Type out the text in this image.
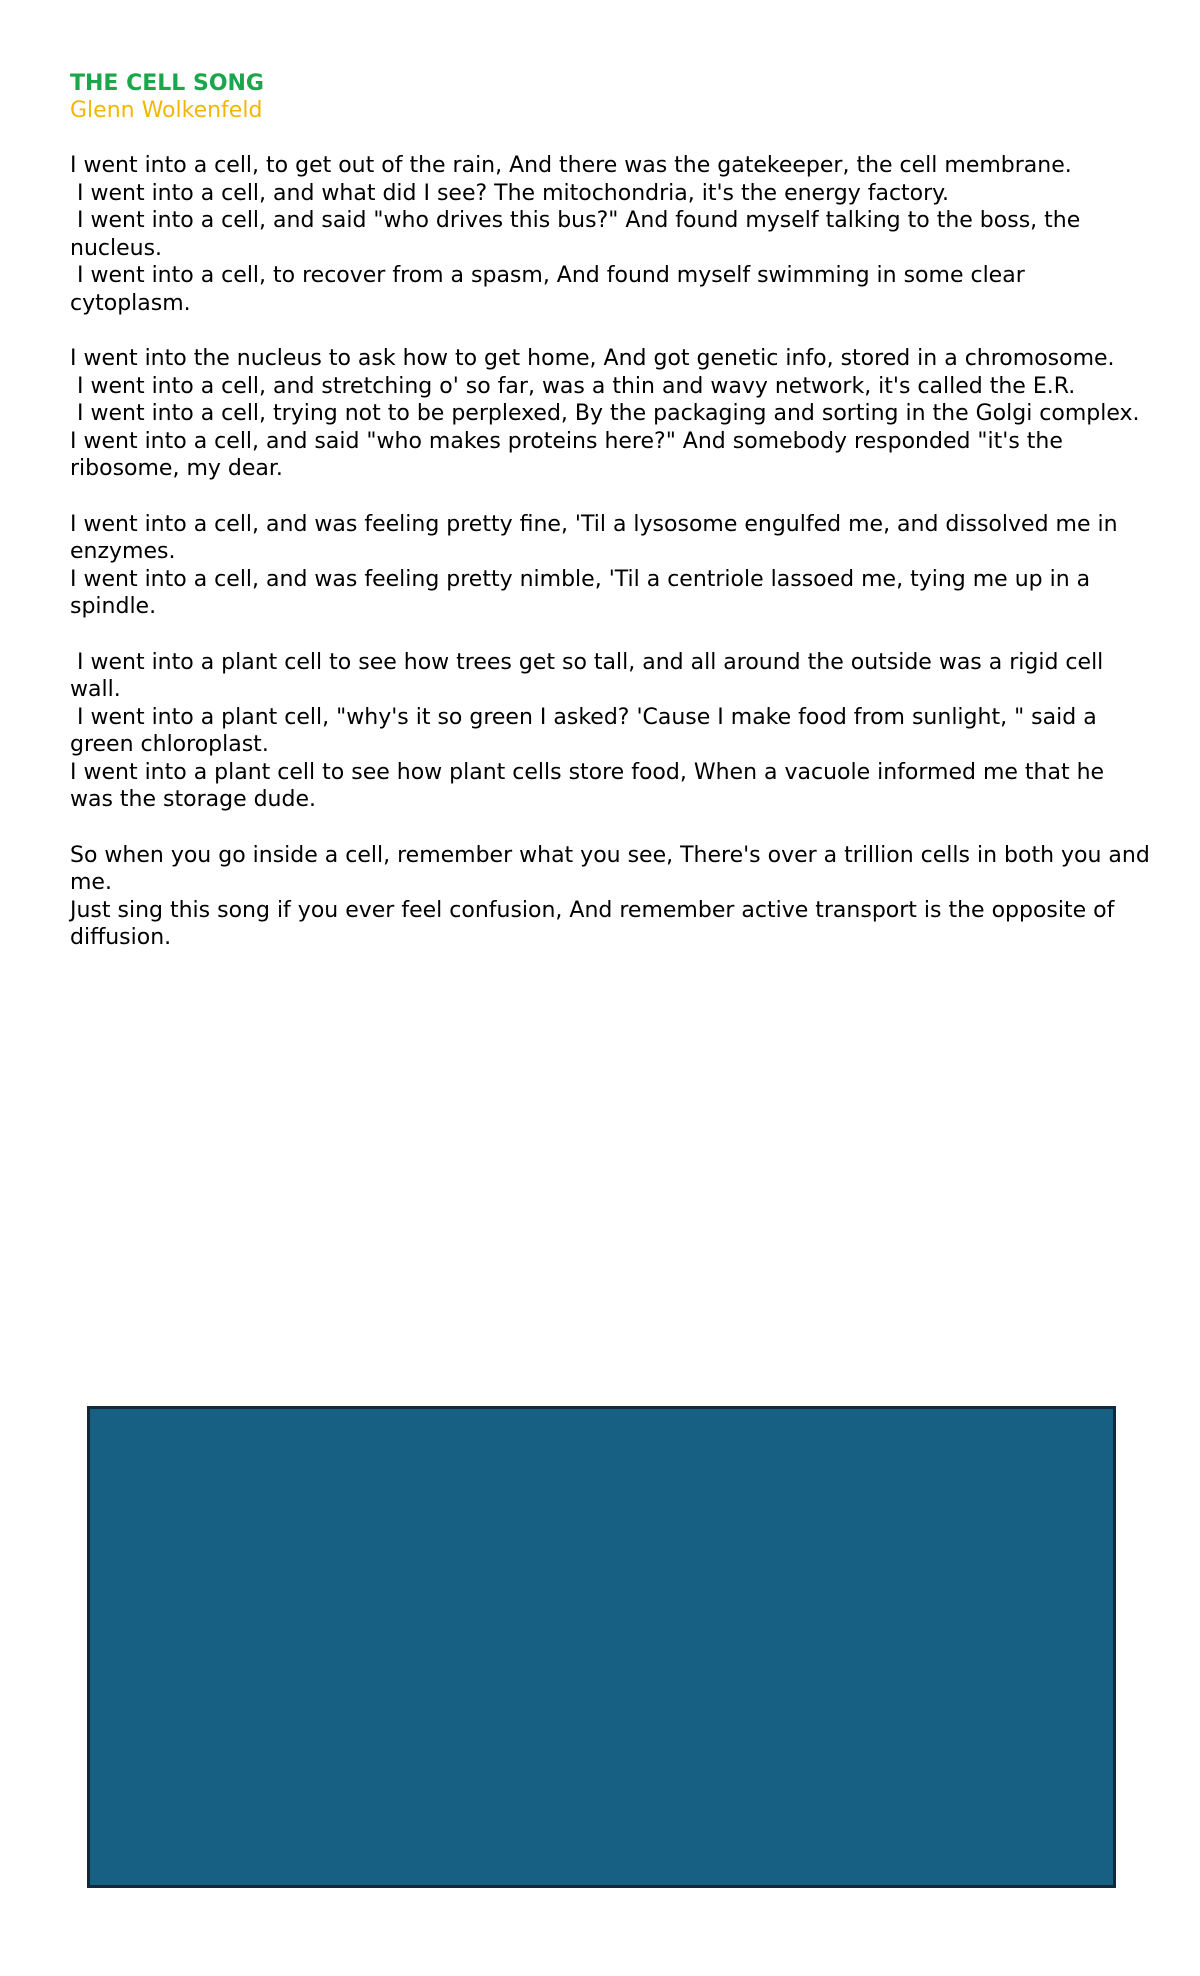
THE CELL SONG
Glenn Wolkenfeld
I went into a cell, to get out of the rain, And there was the gatekeeper, the cell membrane.
I went into a cell, and what did I see? The mitochondria, it's the energy factory.
I went into a cell, and said "who drives this bus?" And found myself talking to the boss, the nucleus.
I went into a cell, to recover from a spasm, And found myself swimming in some clear cytoplasm.
I went into the nucleus to ask how to get home, And got genetic info, stored in a chromosome.
I went into a cell, and stretching o' so far, was a thin and wavy network, it's called the E.R.
I went into a cell, trying not to be perplexed, By the packaging and sorting in the Golgi complex.
I went into a cell, and said "who makes proteins here?" And somebody responded "it's the ribosome, my dear.
I went into a cell, and was feeling pretty fine, 'Til a lysosome engulfed me, and dissolved me in enzymes.
I went into a cell, and was feeling pretty nimble, 'Til a centriole lassoed me, tying me up in a spindle.
I went into a plant cell to see how trees get so tall, and all around the outside was a rigid cell wall.
I went into a plant cell, "why's it so green I asked? 'Cause I make food from sunlight, " said a green chloroplast.
I went into a plant cell to see how plant cells store food, When a vacuole informed me that he was the storage dude.
So when you go inside a cell, remember what you see, There's over a trillion cells in both you and me.
Just sing this song if you ever feel confusion, And remember active transport is the opposite of diffusion.
